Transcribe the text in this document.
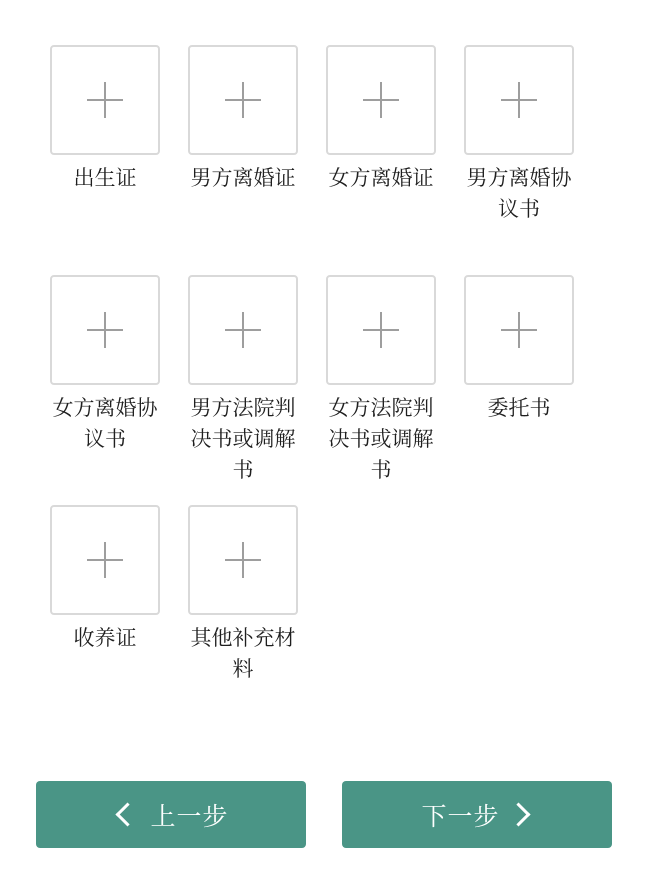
出生证	男方离婚证 女方离婚证 男方离婚协议书
女方离婚协议书
男方法院判决书或调解书
女方法院判决书或调解书
委托书
收养证	其他补充材料
上一步	下一步
